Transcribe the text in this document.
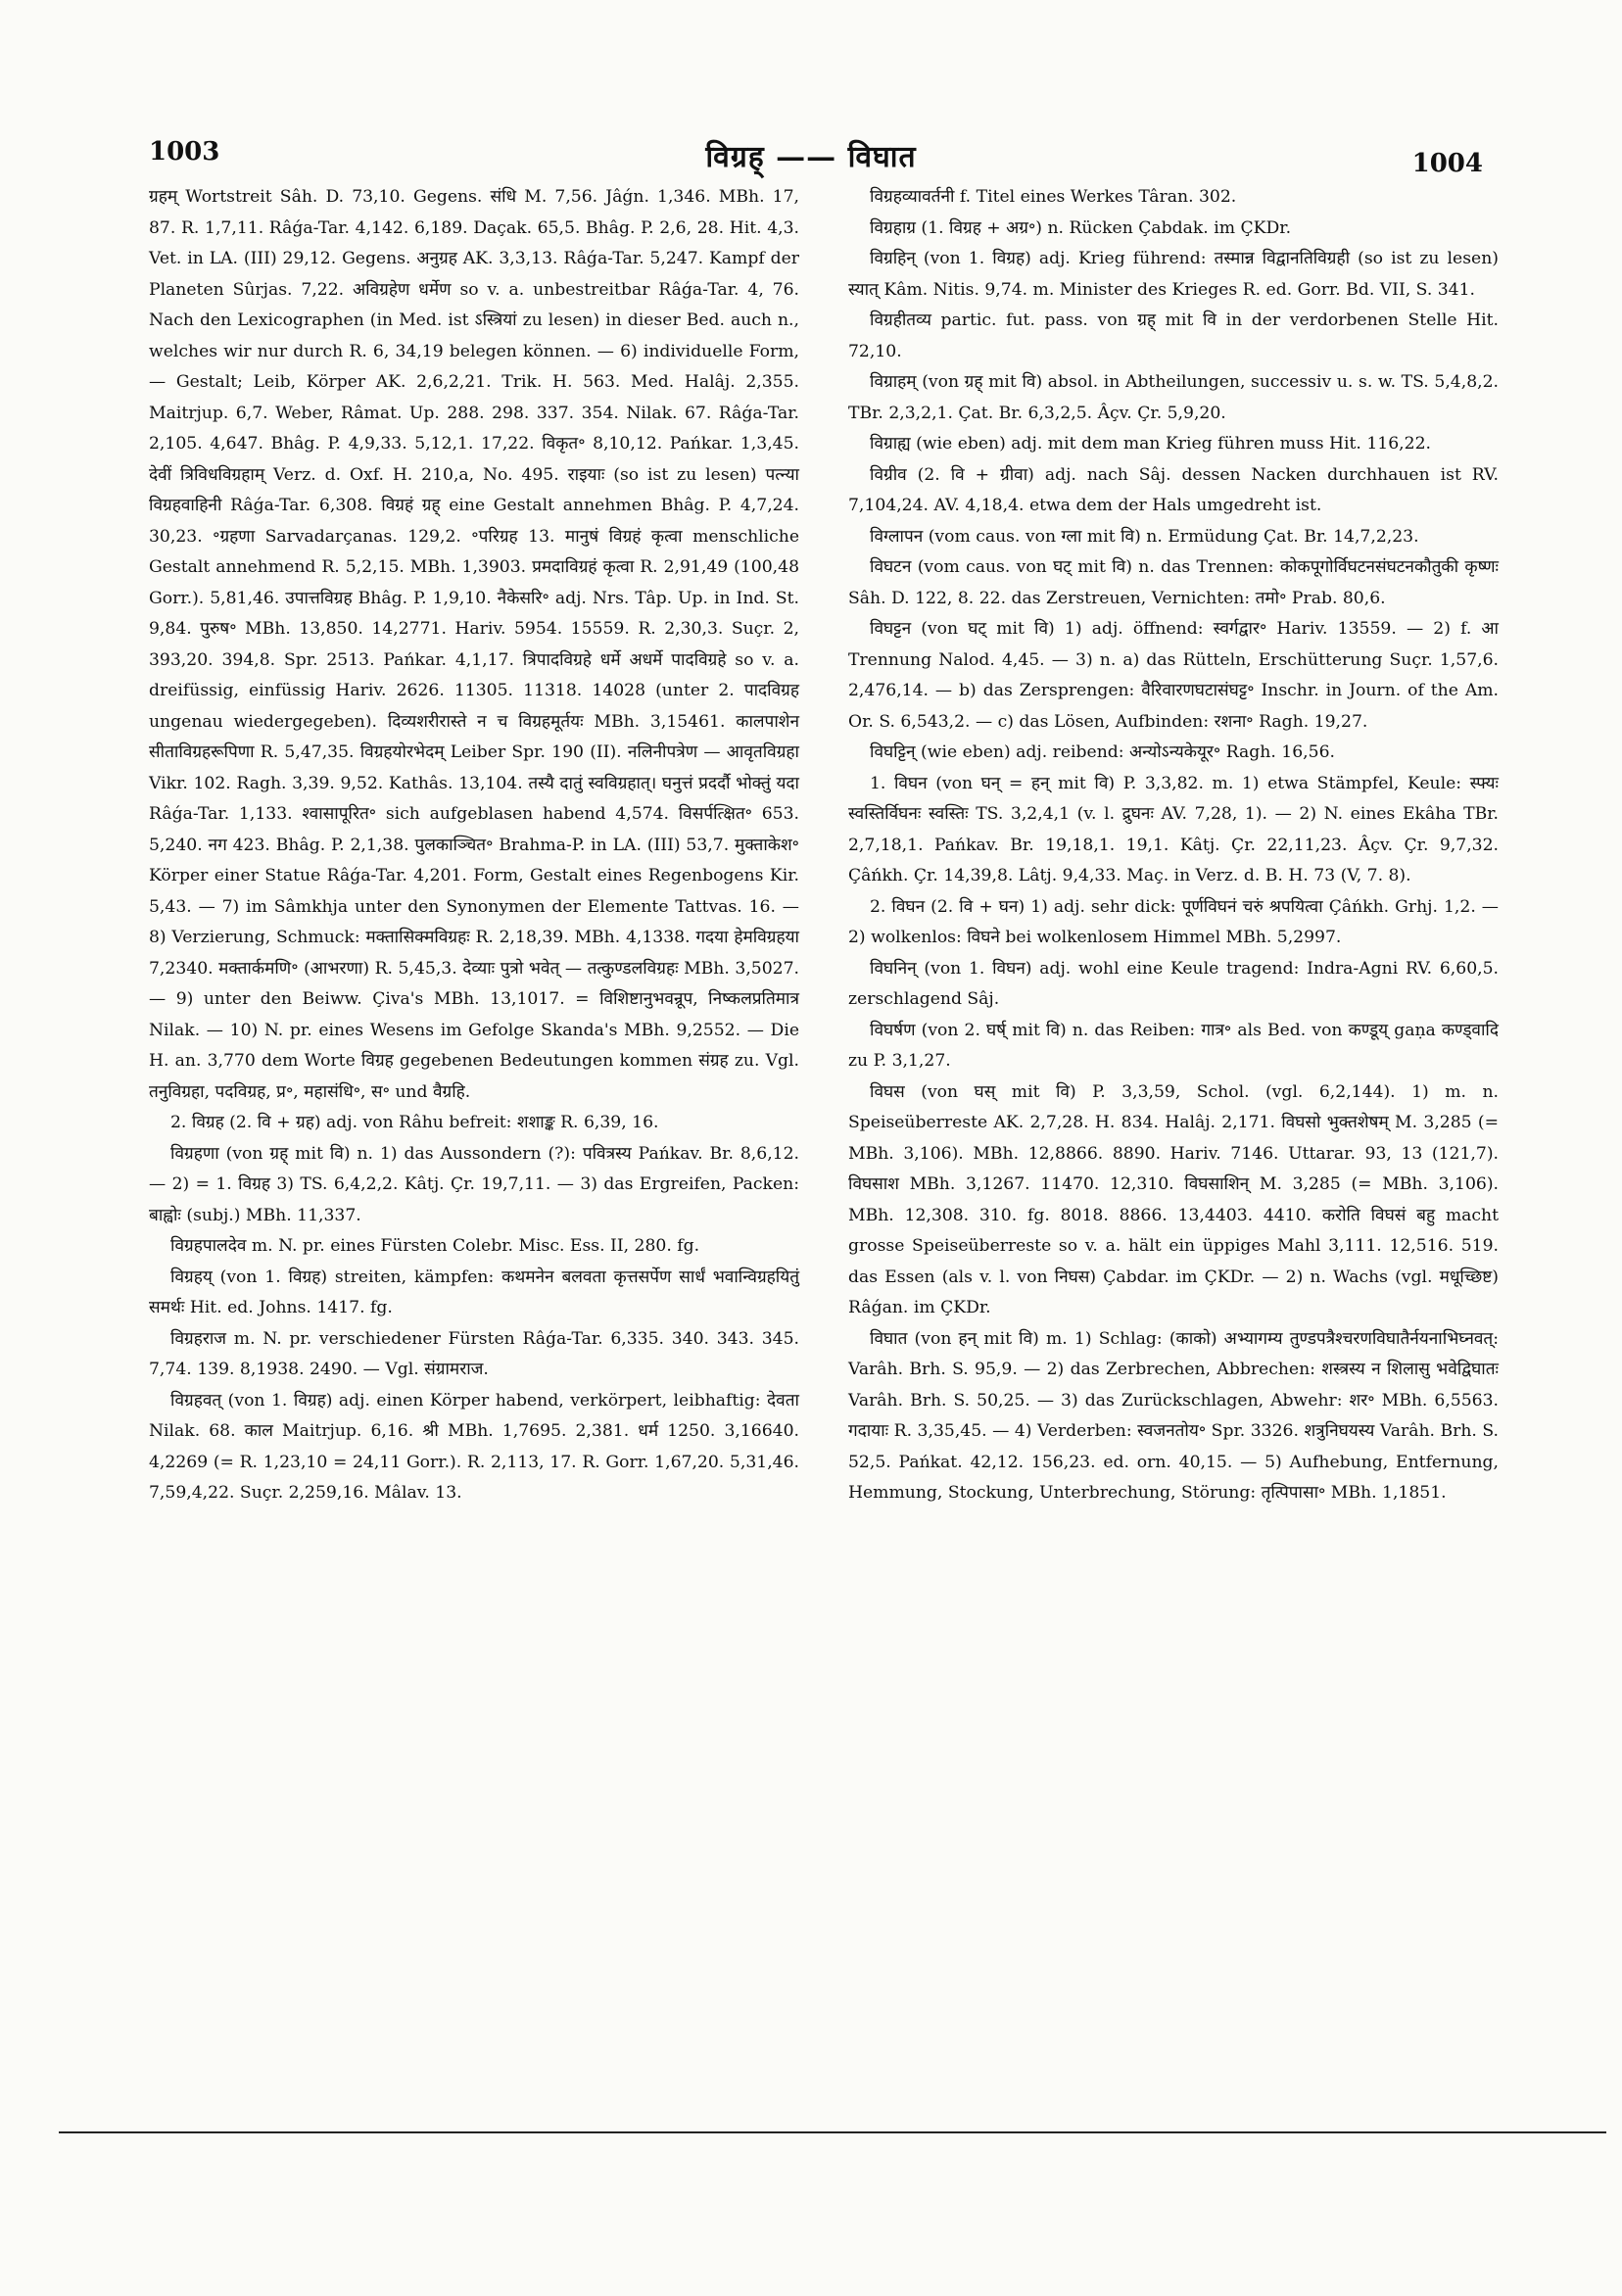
1003	विग्रह् —— विघात	1004

ग्रहम् Wortstreit Sâh. D. 73,10. Gegens. संधि M. 7,56. Jâǵn. 1,346. MBh. 17, 87. R. 1,7,11. Râǵa-Tar. 4,142. 6,189. Daçak. 65,5. Bhâg. P. 2,6, 28. Hit. 4,3. Vet. in LA. (III) 29,12. Gegens. अनुग्रह AK. 3,3,13. Râǵa-Tar. 5,247. Kampf der Planeten Sûrjas. 7,22. अविग्रहेण धर्मेण so v. a. unbestreitbar Râǵa-Tar. 4, 76. Nach den Lexicographen (in Med. ist ऽस्त्रियां zu lesen) in dieser Bed. auch n., welches wir nur durch R. 6, 34,19 belegen können. — 6) individuelle Form, — Gestalt; Leib, Körper AK. 2,6,2,21. Trik. H. 563. Med. Halâj. 2,355. Maitrjup. 6,7. Weber, Râmat. Up. 288. 298. 337. 354. Nilak. 67. Râǵa-Tar. 2,105. 4,647. Bhâg. P. 4,9,33. 5,12,1. 17,22. विकृत॰ 8,10,12. Pańkar. 1,3,45. देवीं त्रिविधविग्रहाम् Verz. d. Oxf. H. 210,a, No. 495. राइयाः (so ist zu lesen) पत्न्या विग्रहवाहिनी Râǵa-Tar. 6,308. विग्रहं ग्रह् eine Gestalt annehmen Bhâg. P. 4,7,24. 30,23. ॰ग्रहणा Sarvadarçanas. 129,2. ॰परिग्रह 13. मानुषं विग्रहं कृत्वा menschliche Gestalt annehmend R. 5,2,15. MBh. 1,3903. प्रमदाविग्रहं कृत्वा R. 2,91,49 (100,48 Gorr.). 5,81,46. उपात्तविग्रह Bhâg. P. 1,9,10. नैकेसरि॰ adj. Nrs. Tâp. Up. in Ind. St. 9,84. पुरुष॰ MBh. 13,850. 14,2771. Hariv. 5954. 15559. R. 2,30,3. Suçr. 2, 393,20. 394,8. Spr. 2513. Pańkar. 4,1,17. त्रिपादविग्रहे धर्मे अधर्मे पादविग्रहे so v. a. dreifüssig, einfüssig Hariv. 2626. 11305. 11318. 14028 (unter 2. पादविग्रह ungenau wiedergegeben). दिव्यशरीरास्ते न च विग्रहमूर्तयः MBh. 3,15461. कालपाशेन सीताविग्रहरूपिणा R. 5,47,35. विग्रहयोरभेदम् Leiber Spr. 190 (II). नलिनीपत्रेण — आवृतविग्रहा Vikr. 102. Ragh. 3,39. 9,52. Kathâs. 13,104. तस्यै दातुं स्वविग्रहात्। घनुत्तं प्रदर्दौ भोक्तुं यदा Râǵa-Tar. 1,133. श्वासापूरित॰ sich aufgeblasen habend 4,574. विसर्पत्क्षित॰ 653. 5,240. नग 423. Bhâg. P. 2,1,38. पुलकाञ्चित॰ Brahma-P. in LA. (III) 53,7. मुक्ताकेश॰ Körper einer Statue Râǵa-Tar. 4,201. Form, Gestalt eines Regenbogens Kir. 5,43. — 7) im Sâmkhja unter den Synonymen der Elemente Tattvas. 16. — 8) Verzierung, Schmuck: मक्तासिक्मविग्रहः R. 2,18,39. MBh. 4,1338. गदया हेमविग्रहया 7,2340. मक्तार्कमणि॰ (आभरणा) R. 5,45,3. देव्याः पुत्रो भवेत् — तत्कुण्डलविग्रहः MBh. 3,5027. — 9) unter den Beiww. Çiva's MBh. 13,1017. = विशिष्टानुभवन्रूप, निष्कलप्रतिमात्र Nilak. — 10) N. pr. eines Wesens im Gefolge Skanda's MBh. 9,2552. — Die H. an. 3,770 dem Worte विग्रह gegebenen Bedeutungen kommen संग्रह zu. Vgl. तनुविग्रहा, पदविग्रह, प्र॰, महासंधि॰, स॰ und वैग्रहि.

2. विग्रह (2. वि + ग्रह) adj. von Râhu befreit: शशाङ्क R. 6,39, 16.

विग्रहणा (von ग्रह् mit वि) n. 1) das Aussondern (?): पवित्रस्य Pańkav. Br. 8,6,12. — 2) = 1. विग्रह 3) TS. 6,4,2,2. Kâtj. Çr. 19,7,11. — 3) das Ergreifen, Packen: बाह्वोः (subj.) MBh. 11,337.

विग्रहपालदेव m. N. pr. eines Fürsten Colebr. Misc. Ess. II, 280. fg.

विग्रहय् (von 1. विग्रह) streiten, kämpfen: कथमनेन बलवता कृत्तसर्पेण सार्धं भवान्विग्रहयितुं समर्थः Hit. ed. Johns. 1417. fg.

विग्रहराज m. N. pr. verschiedener Fürsten Râǵa-Tar. 6,335. 340. 343. 345. 7,74. 139. 8,1938. 2490. — Vgl. संग्रामराज.

विग्रहवत् (von 1. विग्रह) adj. einen Körper habend, verkörpert, leibhaftig: देवता Nilak. 68. काल Maitrjup. 6,16. श्री MBh. 1,7695. 2,381. धर्म 1250. 3,16640. 4,2269 (= R. 1,23,10 = 24,11 Gorr.). R. 2,113, 17. R. Gorr. 1,67,20. 5,31,46. 7,59,4,22. Suçr. 2,259,16. Mâlav. 13.

विग्रहव्यावर्तनी f. Titel eines Werkes Târan. 302.

विग्रहाग्र (1. विग्रह + अग्र॰) n. Rücken Çabdak. im ÇKDr.

विग्रहिन् (von 1. विग्रह) adj. Krieg führend: तस्मान्न विद्वानतिविग्रही (so ist zu lesen) स्यात् Kâm. Nitis. 9,74. m. Minister des Krieges R. ed. Gorr. Bd. VII, S. 341.

विग्रहीतव्य partic. fut. pass. von ग्रह् mit वि in der verdorbenen Stelle Hit. 72,10.

विग्राहम् (von ग्रह् mit वि) absol. in Abtheilungen, successiv u. s. w. TS. 5,4,8,2. TBr. 2,3,2,1. Çat. Br. 6,3,2,5. Âçv. Çr. 5,9,20.

विग्राह्य (wie eben) adj. mit dem man Krieg führen muss Hit. 116,22.

विग्रीव (2. वि + ग्रीवा) adj. nach Sâj. dessen Nacken durchhauen ist RV. 7,104,24. AV. 4,18,4. etwa dem der Hals umgedreht ist.

विग्लापन (vom caus. von ग्ला mit वि) n. Ermüdung Çat. Br. 14,7,2,23.

विघटन (vom caus. von घट् mit वि) n. das Trennen: कोकपूगोर्विघटनसंघटनकौतुकी कृष्णः Sâh. D. 122, 8. 22. das Zerstreuen, Vernichten: तमो॰ Prab. 80,6.

विघट्टन (von घट् mit वि) 1) adj. öffnend: स्वर्गद्वार॰ Hariv. 13559. — 2) f. आ Trennung Nalod. 4,45. — 3) n. a) das Rütteln, Erschütterung Suçr. 1,57,6. 2,476,14. — b) das Zersprengen: वैरिवारणघटासंघट्ट॰ Inschr. in Journ. of the Am. Or. S. 6,543,2. — c) das Lösen, Aufbinden: रशना॰ Ragh. 19,27.

विघट्टिन् (wie eben) adj. reibend: अन्योऽन्यकेयूर॰ Ragh. 16,56.

1. विघन (von घन् = हन् mit वि) P. 3,3,82. m. 1) etwa Stämpfel, Keule: स्फ्यः स्वस्तिर्विघनः स्वस्तिः TS. 3,2,4,1 (v. l. द्रुघनः AV. 7,28, 1). — 2) N. eines Ekâha TBr. 2,7,18,1. Pańkav. Br. 19,18,1. 19,1. Kâtj. Çr. 22,11,23. Âçv. Çr. 9,7,32. Çâńkh. Çr. 14,39,8. Lâtj. 9,4,33. Maç. in Verz. d. B. H. 73 (V, 7. 8).

2. विघन (2. वि + घन) 1) adj. sehr dick: पूर्णविघनं चरुं श्रपयित्वा Çâńkh. Grhj. 1,2. — 2) wolkenlos: विघने bei wolkenlosem Himmel MBh. 5,2997.

विघनिन् (von 1. विघन) adj. wohl eine Keule tragend: Indra-Agni RV. 6,60,5. zerschlagend Sâj.

विघर्षण (von 2. घर्ष् mit वि) n. das Reiben: गात्र॰ als Bed. von कण्डूय् gaṇa कण्ड्वादि zu P. 3,1,27.

विघस (von घस् mit वि) P. 3,3,59, Schol. (vgl. 6,2,144). 1) m. n. Speiseüberreste AK. 2,7,28. H. 834. Halâj. 2,171. विघसो भुक्तशेषम् M. 3,285 (= MBh. 3,106). MBh. 12,8866. 8890. Hariv. 7146. Uttarar. 93, 13 (121,7). विघसाश MBh. 3,1267. 11470. 12,310. विघसाशिन् M. 3,285 (= MBh. 3,106). MBh. 12,308. 310. fg. 8018. 8866. 13,4403. 4410. करोति विघसं बहु macht grosse Speiseüberreste so v. a. hält ein üppiges Mahl 3,111. 12,516. 519. das Essen (als v. l. von निघस) Çabdar. im ÇKDr. — 2) n. Wachs (vgl. मधूच्छिष्ट) Râǵan. im ÇKDr.

विघात (von हन् mit वि) m. 1) Schlag: (काको) अभ्यागम्य तुण्डपत्रैश्चरणविघातैर्नयनाभिघ्नवत्: Varâh. Brh. S. 95,9. — 2) das Zerbrechen, Abbrechen: शस्त्रस्य न शिलासु भवेद्विघातः Varâh. Brh. S. 50,25. — 3) das Zurückschlagen, Abwehr: शर॰ MBh. 6,5563. गदायाः R. 3,35,45. — 4) Verderben: स्वजनतोय॰ Spr. 3326. शत्रुनिघयस्य Varâh. Brh. S. 52,5. Pańkat. 42,12. 156,23. ed. orn. 40,15. — 5) Aufhebung, Entfernung, Hemmung, Stockung, Unterbrechung, Störung: तृत्पिपासा॰ MBh. 1,1851.
